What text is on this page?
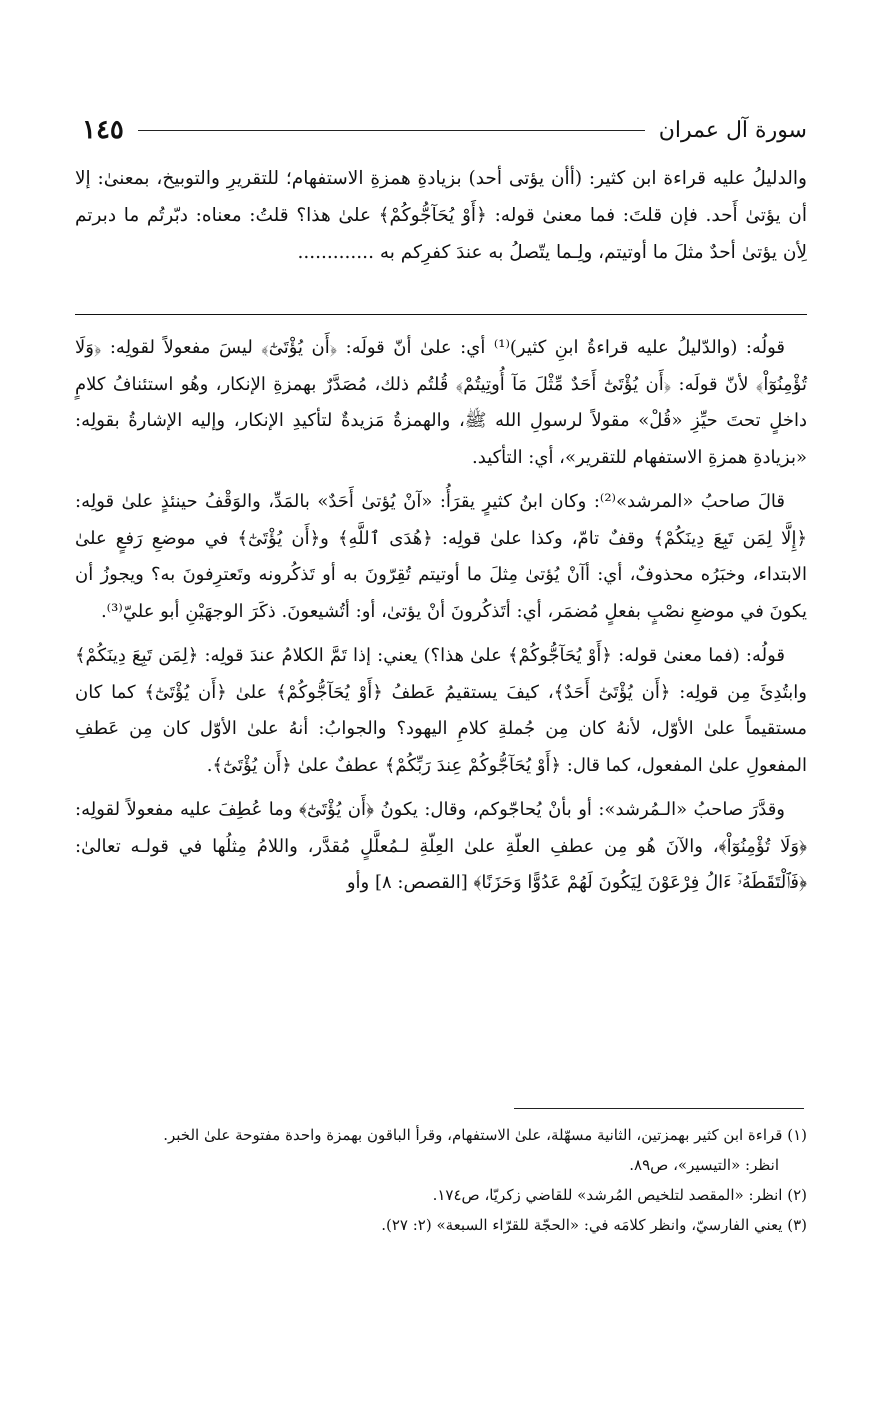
سورة آل عمران
١٤٥

والدليلُ عليه قراءة ابن كثير: (أأن يؤتى أحد) بزيادةِ همزةِ الاستفهام؛ للتقريرِ والتوبيخ، بمعنىٰ: إلا أن يؤتىٰ أَحد. فإن قلتَ: فما معنىٰ قوله: ﴿أَوْ يُحَآجُّوكُمْ﴾ علىٰ هذا؟ قلتُ: معناه: دبّرتُم ما دبرتم لِأن يؤتىٰ أحدٌ مثلَ ما أوتيتم، ولِـما يتّصلُ به عندَ كفرِكم به .............

قولُه: (والدّليلُ عليه قراءةُ ابنِ كثير)⁽¹⁾ أي: علىٰ أنّ قولَه: ﴿أَن يُؤْتَىٰٓ﴾ ليسَ مفعولاً لقولِه: ﴿وَلَا تُؤْمِنُوٓاْ﴾ لأنّ قولَه: ﴿أَن يُؤْتَىٰٓ أَحَدٌ مِّثْلَ مَآ أُوتِيتُمْ﴾ قُلتُم ذلك، مُصَدَّرٌ بهمزةِ الإنكار، وهُو استئنافُ كلامٍ داخلٍ تحتَ حيِّزِ «قُلْ» مقولاً لرسولِ الله ﷺ، والهمزةُ مَزيدةٌ لتأكيدِ الإنكار، وإليه الإشارةُ بقولِه: «بزيادةِ همزةِ الاستفهام للتقرير»، أي: التأكيد.

قالَ صاحبُ «المرشد»⁽²⁾: وكان ابنُ كثيرٍ يقرَأُ: «آنْ يُؤتىٰ أَحَدٌ» بالمَدِّ، والوَقْفُ حينئذٍ علىٰ قولِه: ﴿إِلَّا لِمَن تَبِعَ دِينَكُمْ﴾ وقفٌ تامّ، وكذا علىٰ قولِه: ﴿هُدَى ٱللَّهِ﴾ و﴿أَن يُؤْتَىٰٓ﴾ في موضعِ رَفعٍ علىٰ الابتداء، وخبَرُه محذوفٌ، أي: أآنْ يُؤتىٰ مِثلَ ما أوتيتم تُقِرّونَ به أو تَذكُرونه وتَعترِفونَ به؟ ويجوزُ أن يكونَ في موضعِ نصْبٍ بفعلٍ مُضمَر، أي: أتَذكُرونَ أنْ يؤتىٰ، أو: أتُشيعونَ. ذكَرَ الوجهَيْنِ أبو عليّ⁽³⁾.

قولُه: (فما معنىٰ قوله: ﴿أَوْ يُحَآجُّوكُمْ﴾ علىٰ هذا؟) يعني: إذا تَمَّ الكلامُ عندَ قولِه: ﴿لِمَن تَبِعَ دِينَكُمْ﴾ وابتُدِئَ مِن قولِه: ﴿أَن يُؤْتَىٰٓ أَحَدٌ﴾، كيفَ يستقيمُ عَطفُ ﴿أَوْ يُحَآجُّوكُمْ﴾ علىٰ ﴿أَن يُؤْتَىٰٓ﴾ كما كان مستقيماً علىٰ الأوّل، لأنهُ كان مِن جُملةِ كلامِ اليهود؟ والجوابُ: أنهُ علىٰ الأوّل كان مِن عَطفِ المفعولِ علىٰ المفعول، كما قال: ﴿أَوْ يُحَآجُّوكُمْ عِندَ رَبِّكُمْ﴾ عطفٌ علىٰ ﴿أَن يُؤْتَىٰٓ﴾.

وقدَّرَ صاحبُ «الـمُرشد»: أو بأنْ يُحاجّوكم، وقال: يكونُ ﴿أَن يُؤْتَىٰٓ﴾ وما عُطِفَ عليه مفعولاً لقولِه: ﴿وَلَا تُؤْمِنُوٓاْ﴾، والآنَ هُو مِن عطفِ العلّةِ علىٰ العِلّةِ لـمُعلَّلٍ مُقدَّر، واللامُ مِثلُها في قولـه تعالىٰ: ﴿فَٱلْتَقَطَهُۥٓ ءَالُ فِرْعَوْنَ لِيَكُونَ لَهُمْ عَدُوًّا وَحَزَنًا﴾ [القصص: ٨] وأو

(١) قراءة ابن كثير بهمزتين، الثانية مسهّلة، علىٰ الاستفهام، وقرأ الباقون بهمزة واحدة مفتوحة علىٰ الخبر.

انظر: «التيسير»، ص٨٩.

(٢) انظر: «المقصد لتلخيص المُرشد» للقاضي زكريّا، ص١٧٤.

(٣) يعني الفارسيّ، وانظر كلامَه في: «الحجّة للقرّاء السبعة» (٢: ٢٧).
